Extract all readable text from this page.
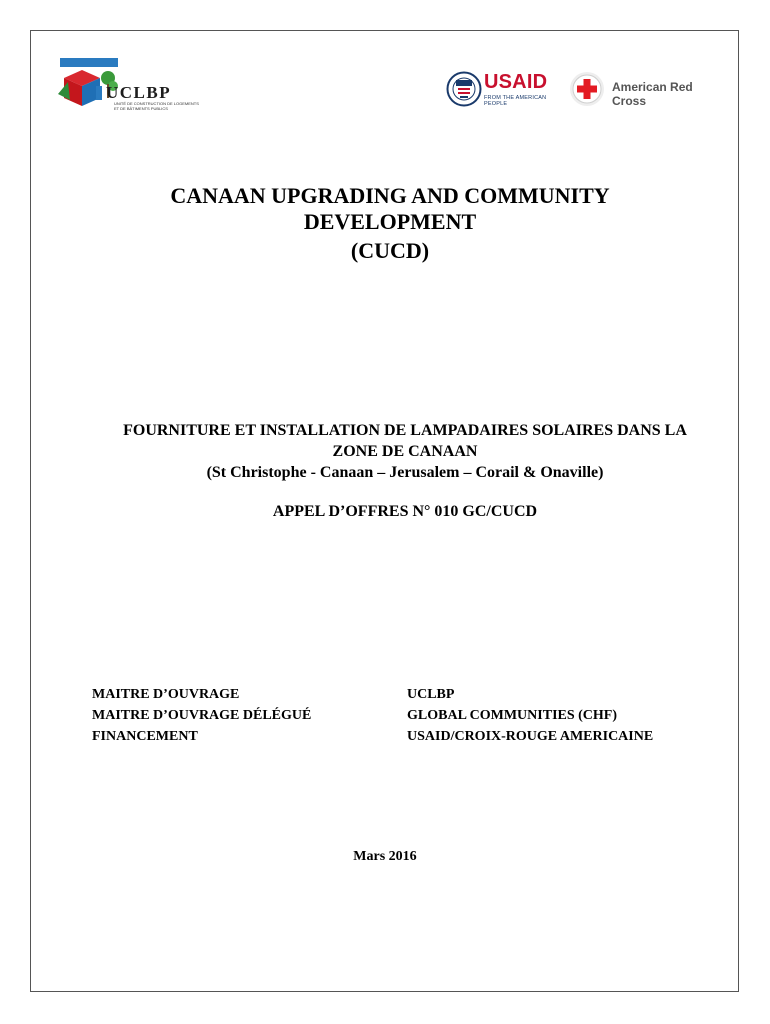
UCLBP
UNITÉ DE CONSTRUCTION DE LOGEMENTS ET DE BÂTIMENTS PUBLICS
USAID
FROM THE AMERICAN PEOPLE
American Red Cross
CANAAN UPGRADING AND COMMUNITY
DEVELOPMENT
(CUCD)
FOURNITURE ET INSTALLATION DE LAMPADAIRES SOLAIRES DANS LA
ZONE DE CANAAN
(St Christophe - Canaan – Jerusalem – Corail & Onaville)
APPEL D’OFFRES N° 010 GC/CUCD
MAITRE D’OUVRAGE	UCLBP
MAITRE D’OUVRAGE DÉLÉGUÉ	GLOBAL COMMUNITIES (CHF)
FINANCEMENT	USAID/CROIX-ROUGE AMERICAINE
Mars 2016
